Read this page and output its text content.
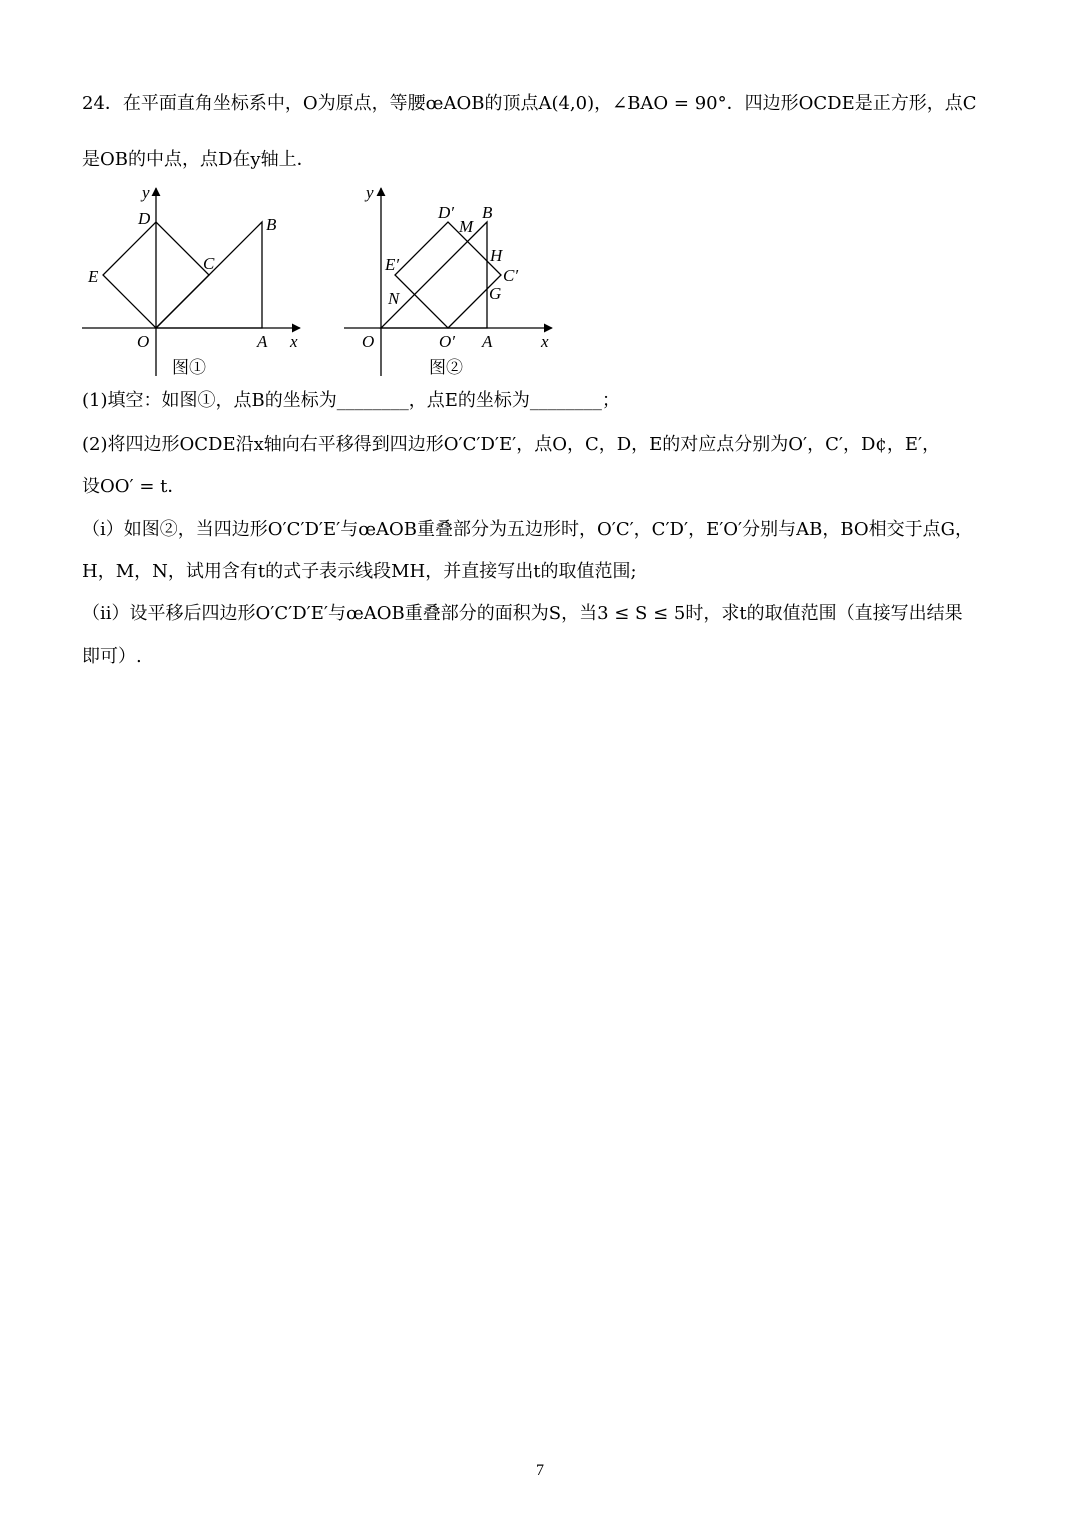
24．在平面直角坐标系中，O为原点，等腰œAOB的顶点A(4,0)，∠BAO = 90°．四边形OCDE是正方形，点C
是OB的中点，点D在y轴上．
(1)填空：如图①，点B的坐标为________，点E的坐标为________；
(2)将四边形OCDE沿x轴向右平移得到四边形O′C′D′E′，点O，C，D，E的对应点分别为O′，C′，D¢，E′，
设OO′ = t．
（i）如图②，当四边形O′C′D′E′与œAOB重叠部分为五边形时，O′C′，C′D′，E′O′分别与AB，BO相交于点G，
H，M，N，试用含有t的式子表示线段MH，并直接写出t的取值范围;
（ii）设平移后四边形O′C′D′E′与œAOB重叠部分的面积为S，当3 ≤ S ≤ 5时，求t的取值范围（直接写出结果
即可）.
y
D	B
C
E
O	A x
图①
y
D′ B
M
H
E′
C′
G
N
O	O′ A	x
图②
7
